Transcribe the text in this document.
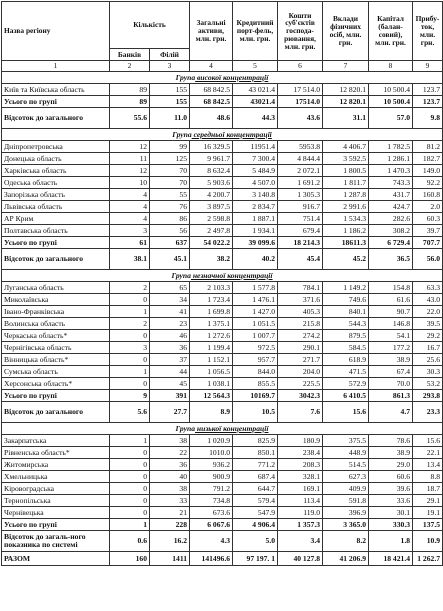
Назва регіону	Кількість		Загальні активи, млн. грн.	Кредитний порт-фель, млн. грн.	Кошти суб'єктів господа-рювання, млн. грн.	Вклади фізичних осіб, млн. грн.	Капітал (балан-совий), млн. грн.	Прибу-ток, млн. грн.
	Банків	Філій						
1	2	3	4	5	6	7	8	9
Група високої концентрації								
Київ та Київська область	89	155	68 842.5	43 021.4	17 514.0	12 820.1	10 500.4	123.7
Усього по групі	89	155	68 842.5	43021.4	17514.0	12 820.1	10 500.4	123.7
Відсоток до загального	55.6	11.0	48.6	44.3	43.6	31.1	57.0	9.8
Група середньої концентрації								
Дніпропетровська	12	99	16 329.5	11951.4	5953.8	4 406.7	1 782.5	81.2
Донецька область	11	125	9 961.7	7 300.4	4 844.4	3 592.5	1 286.1	182.7
Харківська область	12	70	8 632.4	5 484.9	2 072.1	1 800.5	1 470.3	149.0
Одеська область	10	70	5 903.6	4 507.0	1 691.2	1 811.7	743.3	92.2
Запорізька область	4	55	4 200.7	3 140.8	1 305.3	1 287.8	431.7	160.8
Львівська область	4	76	3 897.5	2 834.7	916.7	2 991.6	424.7	2.0
АР Крим	4	86	2 598.8	1 887.1	751.4	1 534.3	282.6	60.3
Полтавська область	3	56	2 497.8	1 934.1	679.4	1 186.2	308.2	39.7
Усього по групі	61	637	54 022.2	39 099.6	18 214.3	18611.3	6 729.4	707.7
Відсоток до загального	38.1	45.1	38.2	40.2	45.4	45.2	36.5	56.0
Група незначної концентрації								
Луганська область	2	65	2 103.3	1 577.8	784.1	1 149.2	154.8	63.3
Миколаївська	0	34	1 723.4	1 476.1	371.6	749.6	61.6	43.0
Івано-Франківська	1	41	1 699.8	1 427.0	405.3	840.1	90.7	22.0
Волинська область	2	23	1 375.1	1 051.5	215.8	544.3	146.8	39.5
Черкаська область*	0	46	1 272.6	1 007.7	274.2	879.5	54.1	29.2
Чернігівська область	3	36	1 199.4	972.5	290.1	584.5	177.2	16.7
Вінницька область*	0	37	1 152.1	957.7	271.7	618.9	38.9	25.6
Сумська область	1	44	1 056.5	844.0	204.0	471.5	67.4	30.3
Херсонська область*	0	45	1 038.1	855.5	225.5	572.9	70.0	53.2
Усього по групі	9	391	12 564.3	10169.7	3042.3	6 410.5	861.3	293.8
Відсоток до загального	5.6	27.7	8.9	10.5	7.6	15.6	4.7	23.3
Група низької концентрації								
Закарпатська	1	38	1 020.9	825.9	180.9	375.5	78.6	15.6
Рівненська область*	0	22	1010.0	850.1	238.4	448.9	38.9	22.1
Житомирська	0	36	936.2	771.2	208.3	514.5	29.0	13.4
Хмельницька	0	40	900.9	687.4	328.1	627.3	60.6	8.8
Кіровоградська	0	38	791.2	644.7	169.1	409.9	39.6	18.7
Тернопільська	0	33	734.8	579.4	113.4	591.8	33.6	29.1
Чернівецька	0	21	673.6	547.9	119.0	396.9	30.1	19.1
Усього по групі	1	228	6 067.6	4 906.4	1 357.3	3 365.0	330.3	137.5
Відсоток до загаль-ного показника по системі	0.6	16.2	4.3	5.0	3.4	8.2	1.8	10.9
РАЗОМ	160	1411	141496.6	97 197. 1	40 127.8	41 206.9	18 421.4	1 262.7
